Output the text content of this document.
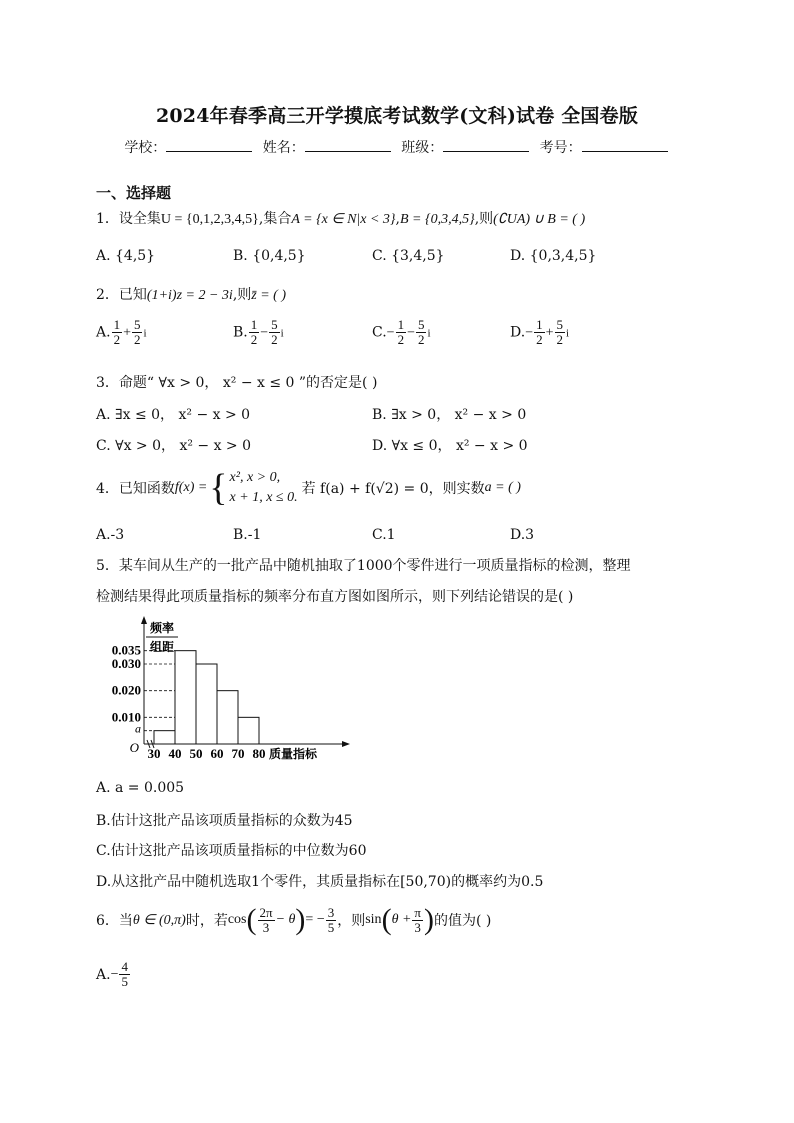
2024年春季高三开学摸底考试数学(文科)试卷 全国卷版
学校：	姓名：	班级：	考号：
一、选择题
1．设全集U = {0,1,2,3,4,5},集合A = {x ∈ N|x < 3},B = {0,3,4,5},则(∁UA) ∪ B = ( )
A. {4,5}	B. {0,4,5}	C. {3,4,5}	D. {0,3,4,5}
2．已知(1+i)z = 2 − 3i,则z̄ = ( )
A. $\frac{1}{2} + \frac{5}{2}$ i	B. $\frac{1}{2} - \frac{5}{2}$ i	$C.- \frac{1}{2} - \frac{5}{2}$ i	$D.- \frac{1}{2} + \frac{5}{2}$ i
3．命题“ ∀x > 0， x² − x ≤ 0 ”的否定是( )
A. ∃x ≤ 0， x² − x > 0	B. ∃x > 0， x² − x > 0
C. ∀x > 0， x² − x > 0	D. ∀x ≤ 0， x² − x > 0
4． 已知函数 f(x) = { x², x > 0,
x + 1, x ≤ 0.
若 f(a) + f(√2) = 0，则实数 a = ( )
A.-3	B.-1	C.1	D.3
5．某车间从生产的一批产品中随机抽取了1000个零件进行一项质量指标的检测，整理
检测结果得此项质量指标的频率分布直方图如图所示，则下列结论错误的是( )
a
0.010
0.020
0.030
0.035
O 30 40 50 60 70 80 质量指标
频率
组距
A. a = 0.005
B.估计这批产品该项质量指标的众数为45
C.估计这批产品该项质量指标的中位数为60
D.从这批产品中随机选取1个零件，其质量指标在[50,70)的概率约为0.5
6． 当 θ ∈ (0,π) 时，若 cos ( $\frac{2\pi}{3} - \theta$ ) = − $\frac{3}{5}$ ，则 sin ( $\theta + \frac{\pi}{3}$ ) 的值为( )
A. − $\frac{4}{5}$
